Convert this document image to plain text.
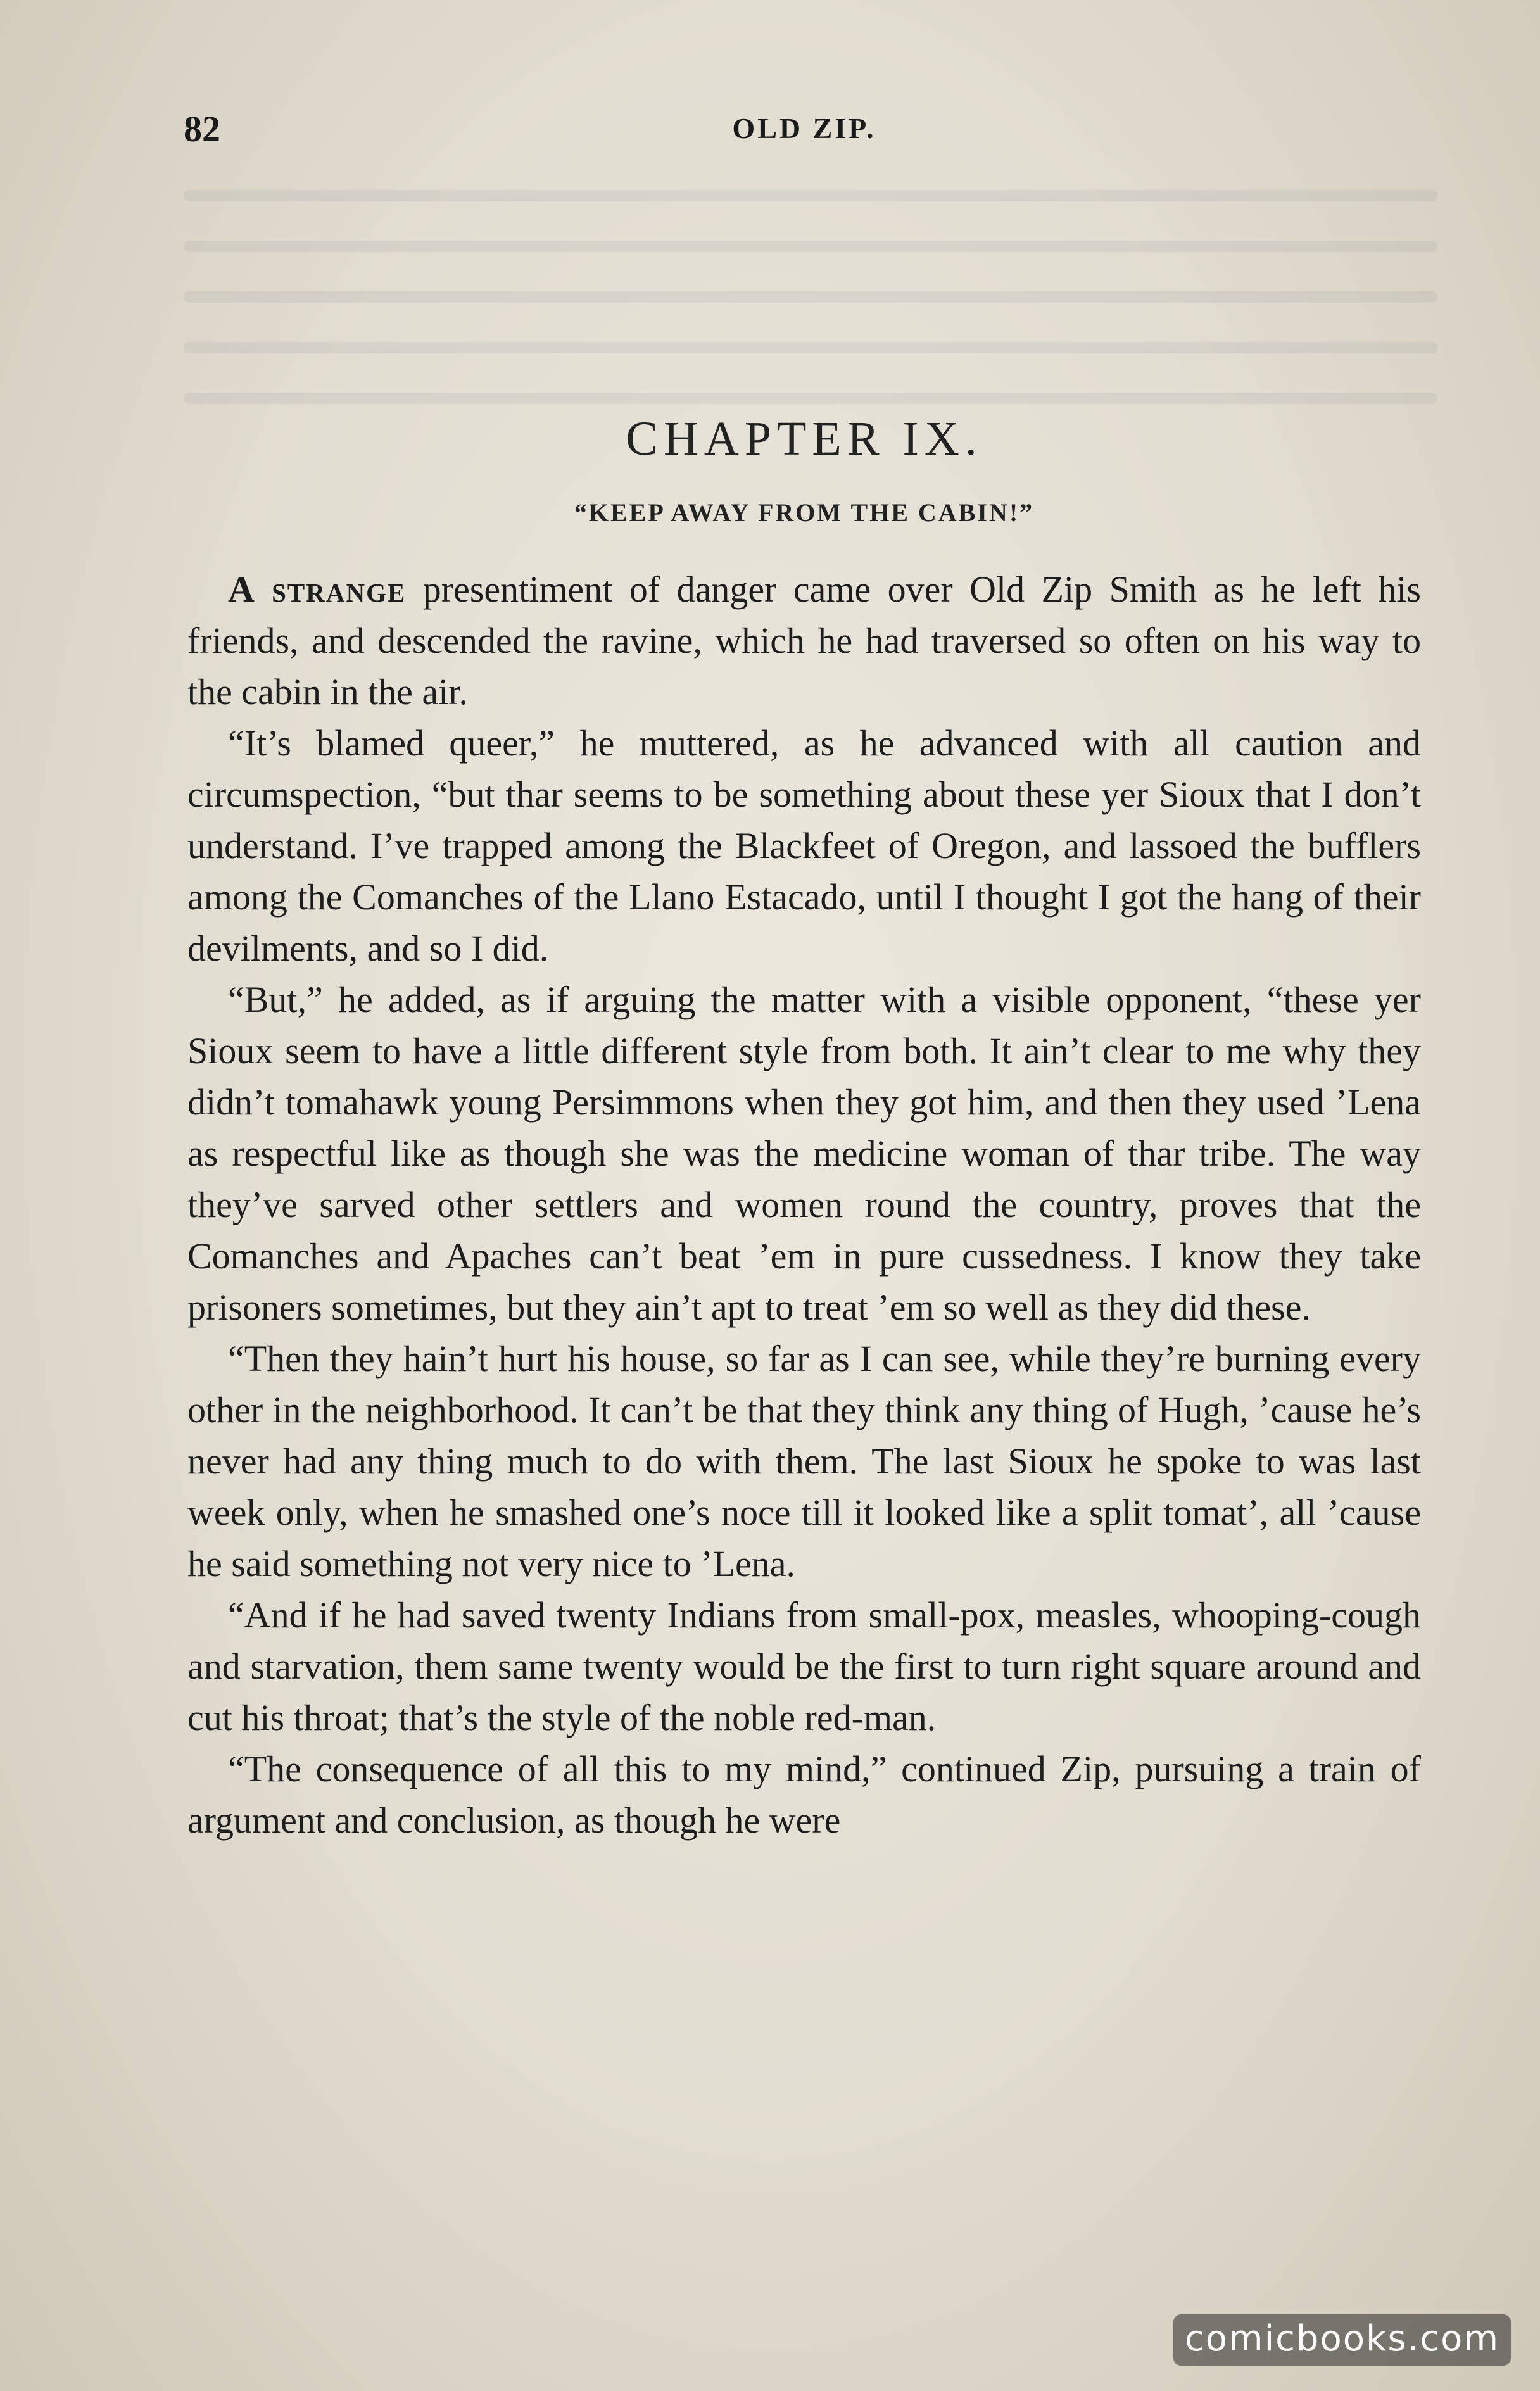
82	OLD ZIP.
CHAPTER IX.
“KEEP AWAY FROM THE CABIN!”

A strange presentiment of danger came over Old Zip Smith as he left his friends, and descended the ravine, which he had traversed so often on his way to the cabin in the air.

“It’s blamed queer,” he muttered, as he advanced with all caution and circumspection, “but thar seems to be something about these yer Sioux that I don’t understand. I’ve trapped among the Blackfeet of Oregon, and lassoed the bufflers among the Comanches of the Llano Estacado, until I thought I got the hang of their devilments, and so I did.

“But,” he added, as if arguing the matter with a visible opponent, “these yer Sioux seem to have a little different style from both. It ain’t clear to me why they didn’t tomahawk young Persimmons when they got him, and then they used ’Lena as respectful like as though she was the medicine woman of thar tribe. The way they’ve sarved other settlers and women round the country, proves that the Comanches and Apaches can’t beat ’em in pure cussedness. I know they take prisoners sometimes, but they ain’t apt to treat ’em so well as they did these.

“Then they hain’t hurt his house, so far as I can see, while they’re burning every other in the neighborhood. It can’t be that they think any thing of Hugh, ’cause he’s never had any thing much to do with them. The last Sioux he spoke to was last week only, when he smashed one’s noce till it looked like a split tomat’, all ’cause he said something not very nice to ’Lena.

“And if he had saved twenty Indians from small-pox, measles, whooping-cough and starvation, them same twenty would be the first to turn right square around and cut his throat; that’s the style of the noble red-man.

“The consequence of all this to my mind,” continued Zip, pursuing a train of argument and conclusion, as though he were

comicbooks.com
